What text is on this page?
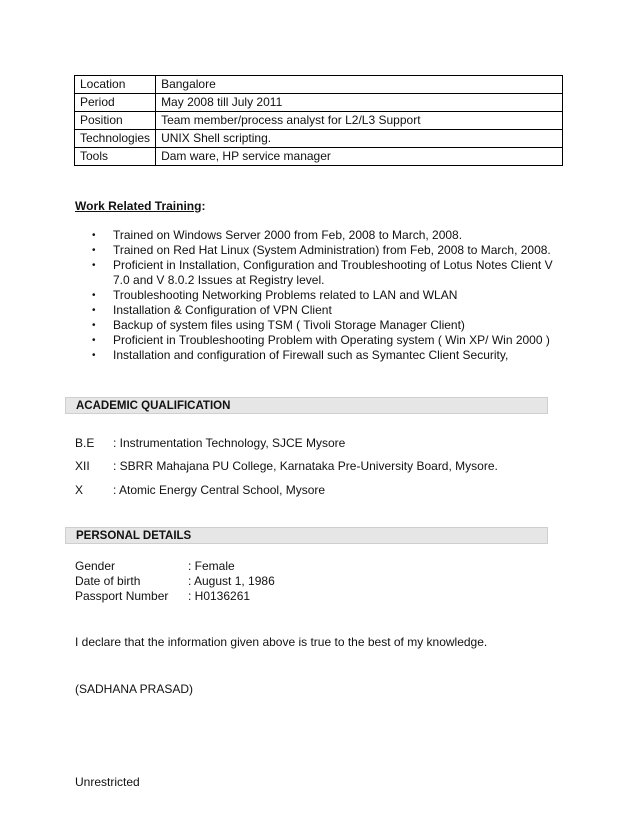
Location	Bangalore
Period	May 2008 till July 2011
Position	Team member/process analyst for L2/L3 Support
Technologies	UNIX Shell scripting.
Tools	Dam ware, HP service manager
Work Related Training:
• Trained on Windows Server 2000 from Feb, 2008 to March, 2008.
• Trained on Red Hat Linux (System Administration) from Feb, 2008 to March, 2008.
• Proficient in Installation, Configuration and Troubleshooting of Lotus Notes Client V 7.0 and V 8.0.2 Issues at Registry level.
• Troubleshooting Networking Problems related to LAN and WLAN
• Installation & Configuration of VPN Client
• Backup of system files using TSM ( Tivoli Storage Manager Client)
• Proficient in Troubleshooting Problem with Operating system ( Win XP/ Win 2000 )
• Installation and configuration of Firewall such as Symantec Client Security,
ACADEMIC QUALIFICATION
B.E : Instrumentation Technology, SJCE Mysore
XII : SBRR Mahajana PU College, Karnataka Pre-University Board, Mysore.
X : Atomic Energy Central School, Mysore
PERSONAL DETAILS
Gender	: Female
Date of birth	: August 1, 1986
Passport Number : H0136261
I declare that the information given above is true to the best of my knowledge.
(SADHANA PRASAD)
Unrestricted
